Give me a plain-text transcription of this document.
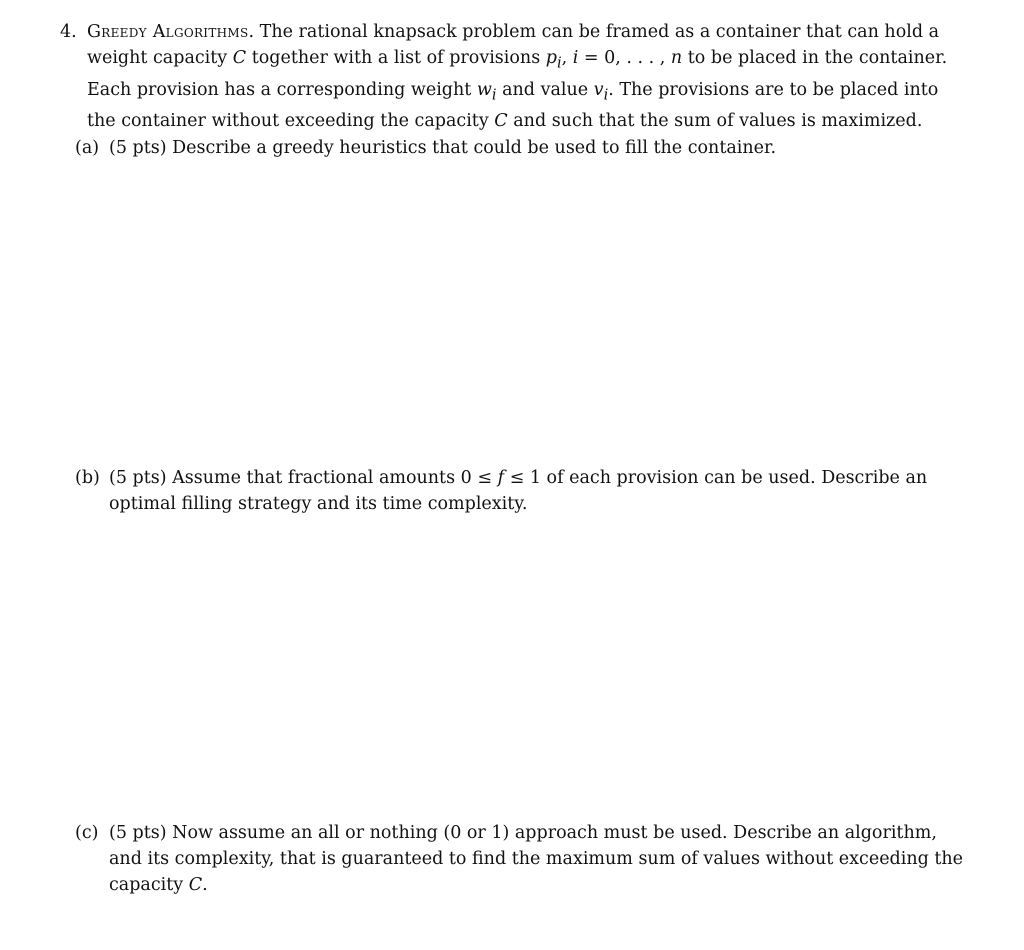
4. Greedy Algorithms. The rational knapsack problem can be framed as a container that can hold a weight capacity C together with a list of provisions $p_i$, i = 0, . . . , n to be placed in the container. Each provision has a corresponding weight $w_i$ and value $v_i$. The provisions are to be placed into the container without exceeding the capacity C and such that the sum of values is maximized.
(a) (5 pts) Describe a greedy heuristics that could be used to fill the container.
(b) (5 pts) Assume that fractional amounts 0 ≤ f ≤ 1 of each provision can be used. Describe an optimal filling strategy and its time complexity.
(c) (5 pts) Now assume an all or nothing (0 or 1) approach must be used. Describe an algorithm, and its complexity, that is guaranteed to find the maximum sum of values without exceeding the capacity C.
